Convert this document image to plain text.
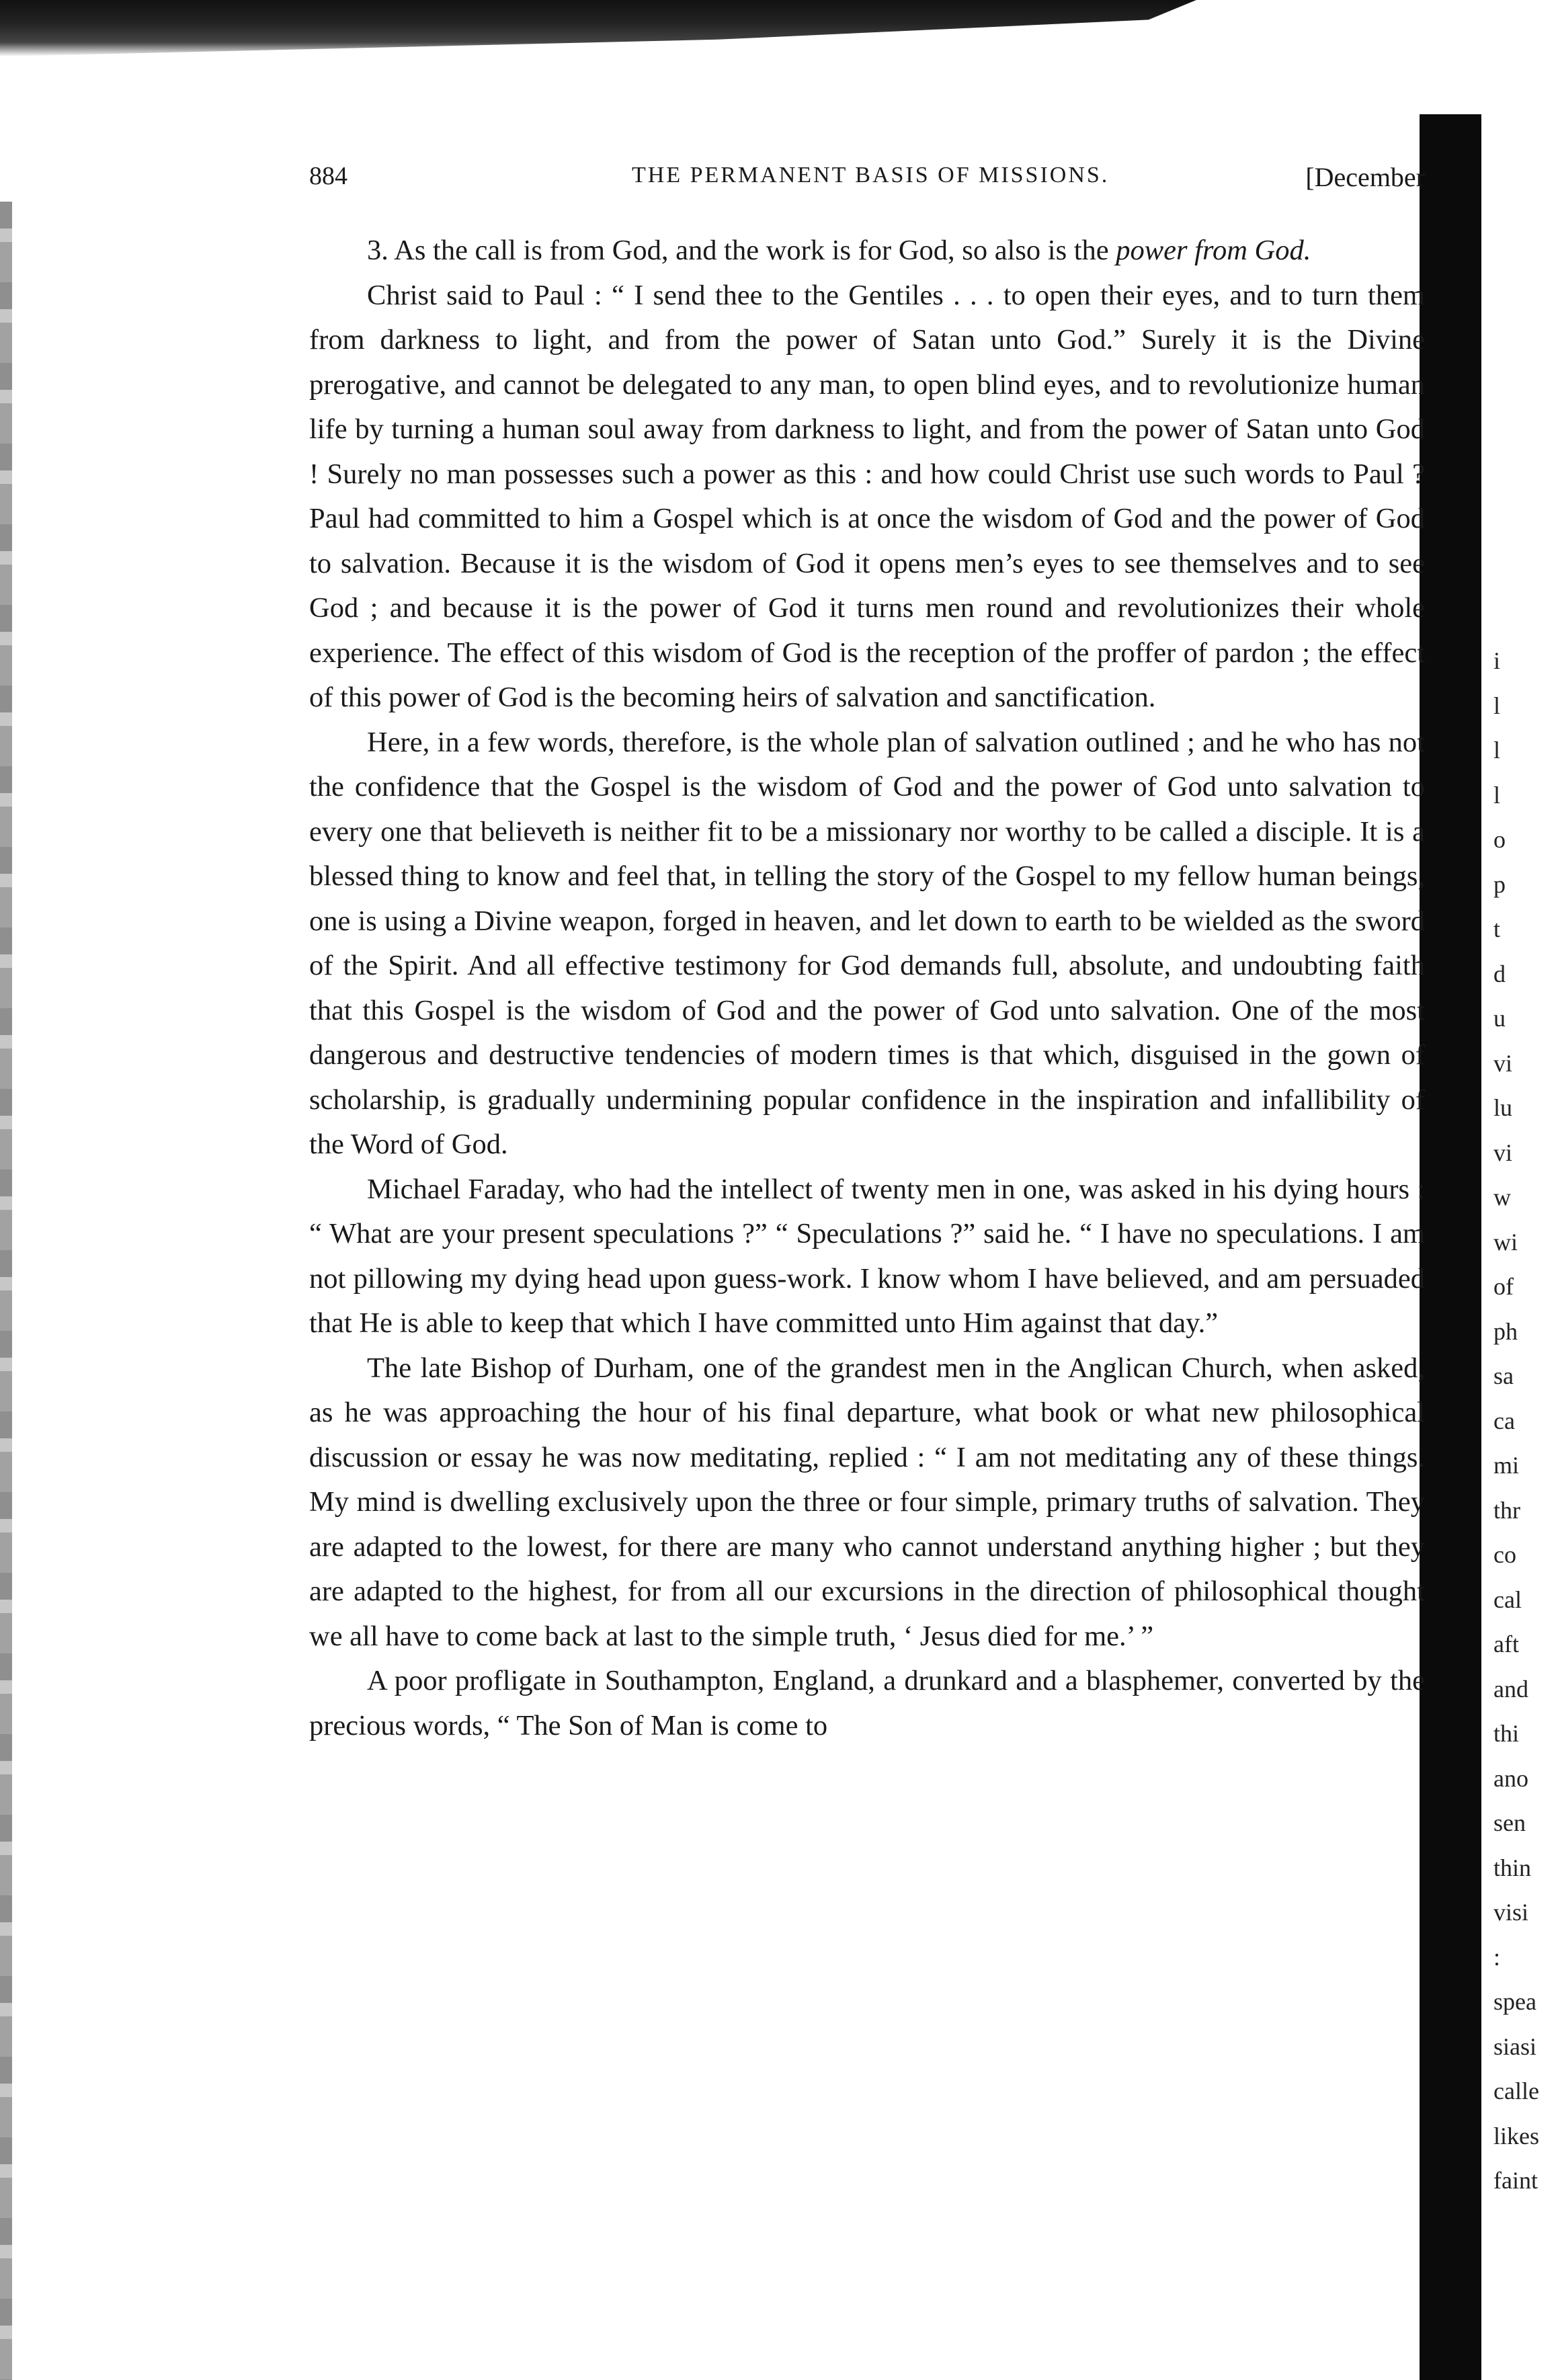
884	THE PERMANENT BASIS OF MISSIONS.	[December

3. As the call is from God, and the work is for God, so also is the power from God.

Christ said to Paul : “ I send thee to the Gentiles . . . to open their eyes, and to turn them from darkness to light, and from the power of Satan unto God.” Surely it is the Divine prerogative, and cannot be delegated to any man, to open blind eyes, and to revolutionize human life by turning a human soul away from darkness to light, and from the power of Satan unto God ! Surely no man possesses such a power as this : and how could Christ use such words to Paul ? Paul had committed to him a Gospel which is at once the wisdom of God and the power of God to salvation. Because it is the wisdom of God it opens men’s eyes to see themselves and to see God ; and because it is the power of God it turns men round and revolutionizes their whole experience. The effect of this wisdom of God is the reception of the proffer of pardon ; the effect of this power of God is the becoming heirs of salvation and sanctification.

Here, in a few words, therefore, is the whole plan of salvation outlined ; and he who has not the confidence that the Gospel is the wisdom of God and the power of God unto salvation to every one that believeth is neither fit to be a missionary nor worthy to be called a disciple. It is a blessed thing to know and feel that, in telling the story of the Gospel to my fellow human beings, one is using a Divine weapon, forged in heaven, and let down to earth to be wielded as the sword of the Spirit. And all effective testimony for God demands full, absolute, and undoubting faith that this Gospel is the wisdom of God and the power of God unto salvation. One of the most dangerous and destructive tendencies of modern times is that which, disguised in the gown of scholarship, is gradually undermining popular confidence in the inspiration and infallibility of the Word of God.

Michael Faraday, who had the intellect of twenty men in one, was asked in his dying hours : “ What are your present speculations ?” “ Speculations ?” said he. “ I have no speculations. I am not pillowing my dying head upon guess-work. I know whom I have believed, and am persuaded that He is able to keep that which I have committed unto Him against that day.”

The late Bishop of Durham, one of the grandest men in the Anglican Church, when asked, as he was approaching the hour of his final departure, what book or what new philosophical discussion or essay he was now meditating, replied : “ I am not meditating any of these things. My mind is dwelling exclusively upon the three or four simple, primary truths of salvation. They are adapted to the lowest, for there are many who cannot understand anything higher ; but they are adapted to the highest, for from all our excursions in the direction of philosophical thought we all have to come back at last to the simple truth, ‘ Jesus died for me.’ ”

A poor profligate in Southampton, England, a drunkard and a blasphemer, converted by the precious words, “ The Son of Man is come to

i
l
l
l
o
p
t
d
u
vi
lu
vi
w
wi
of
ph
sa
ca
mi
thr
co
cal
aft
and
thi
ano
sen
thin
visi
:
spea
siasi
calle
likes
faint
